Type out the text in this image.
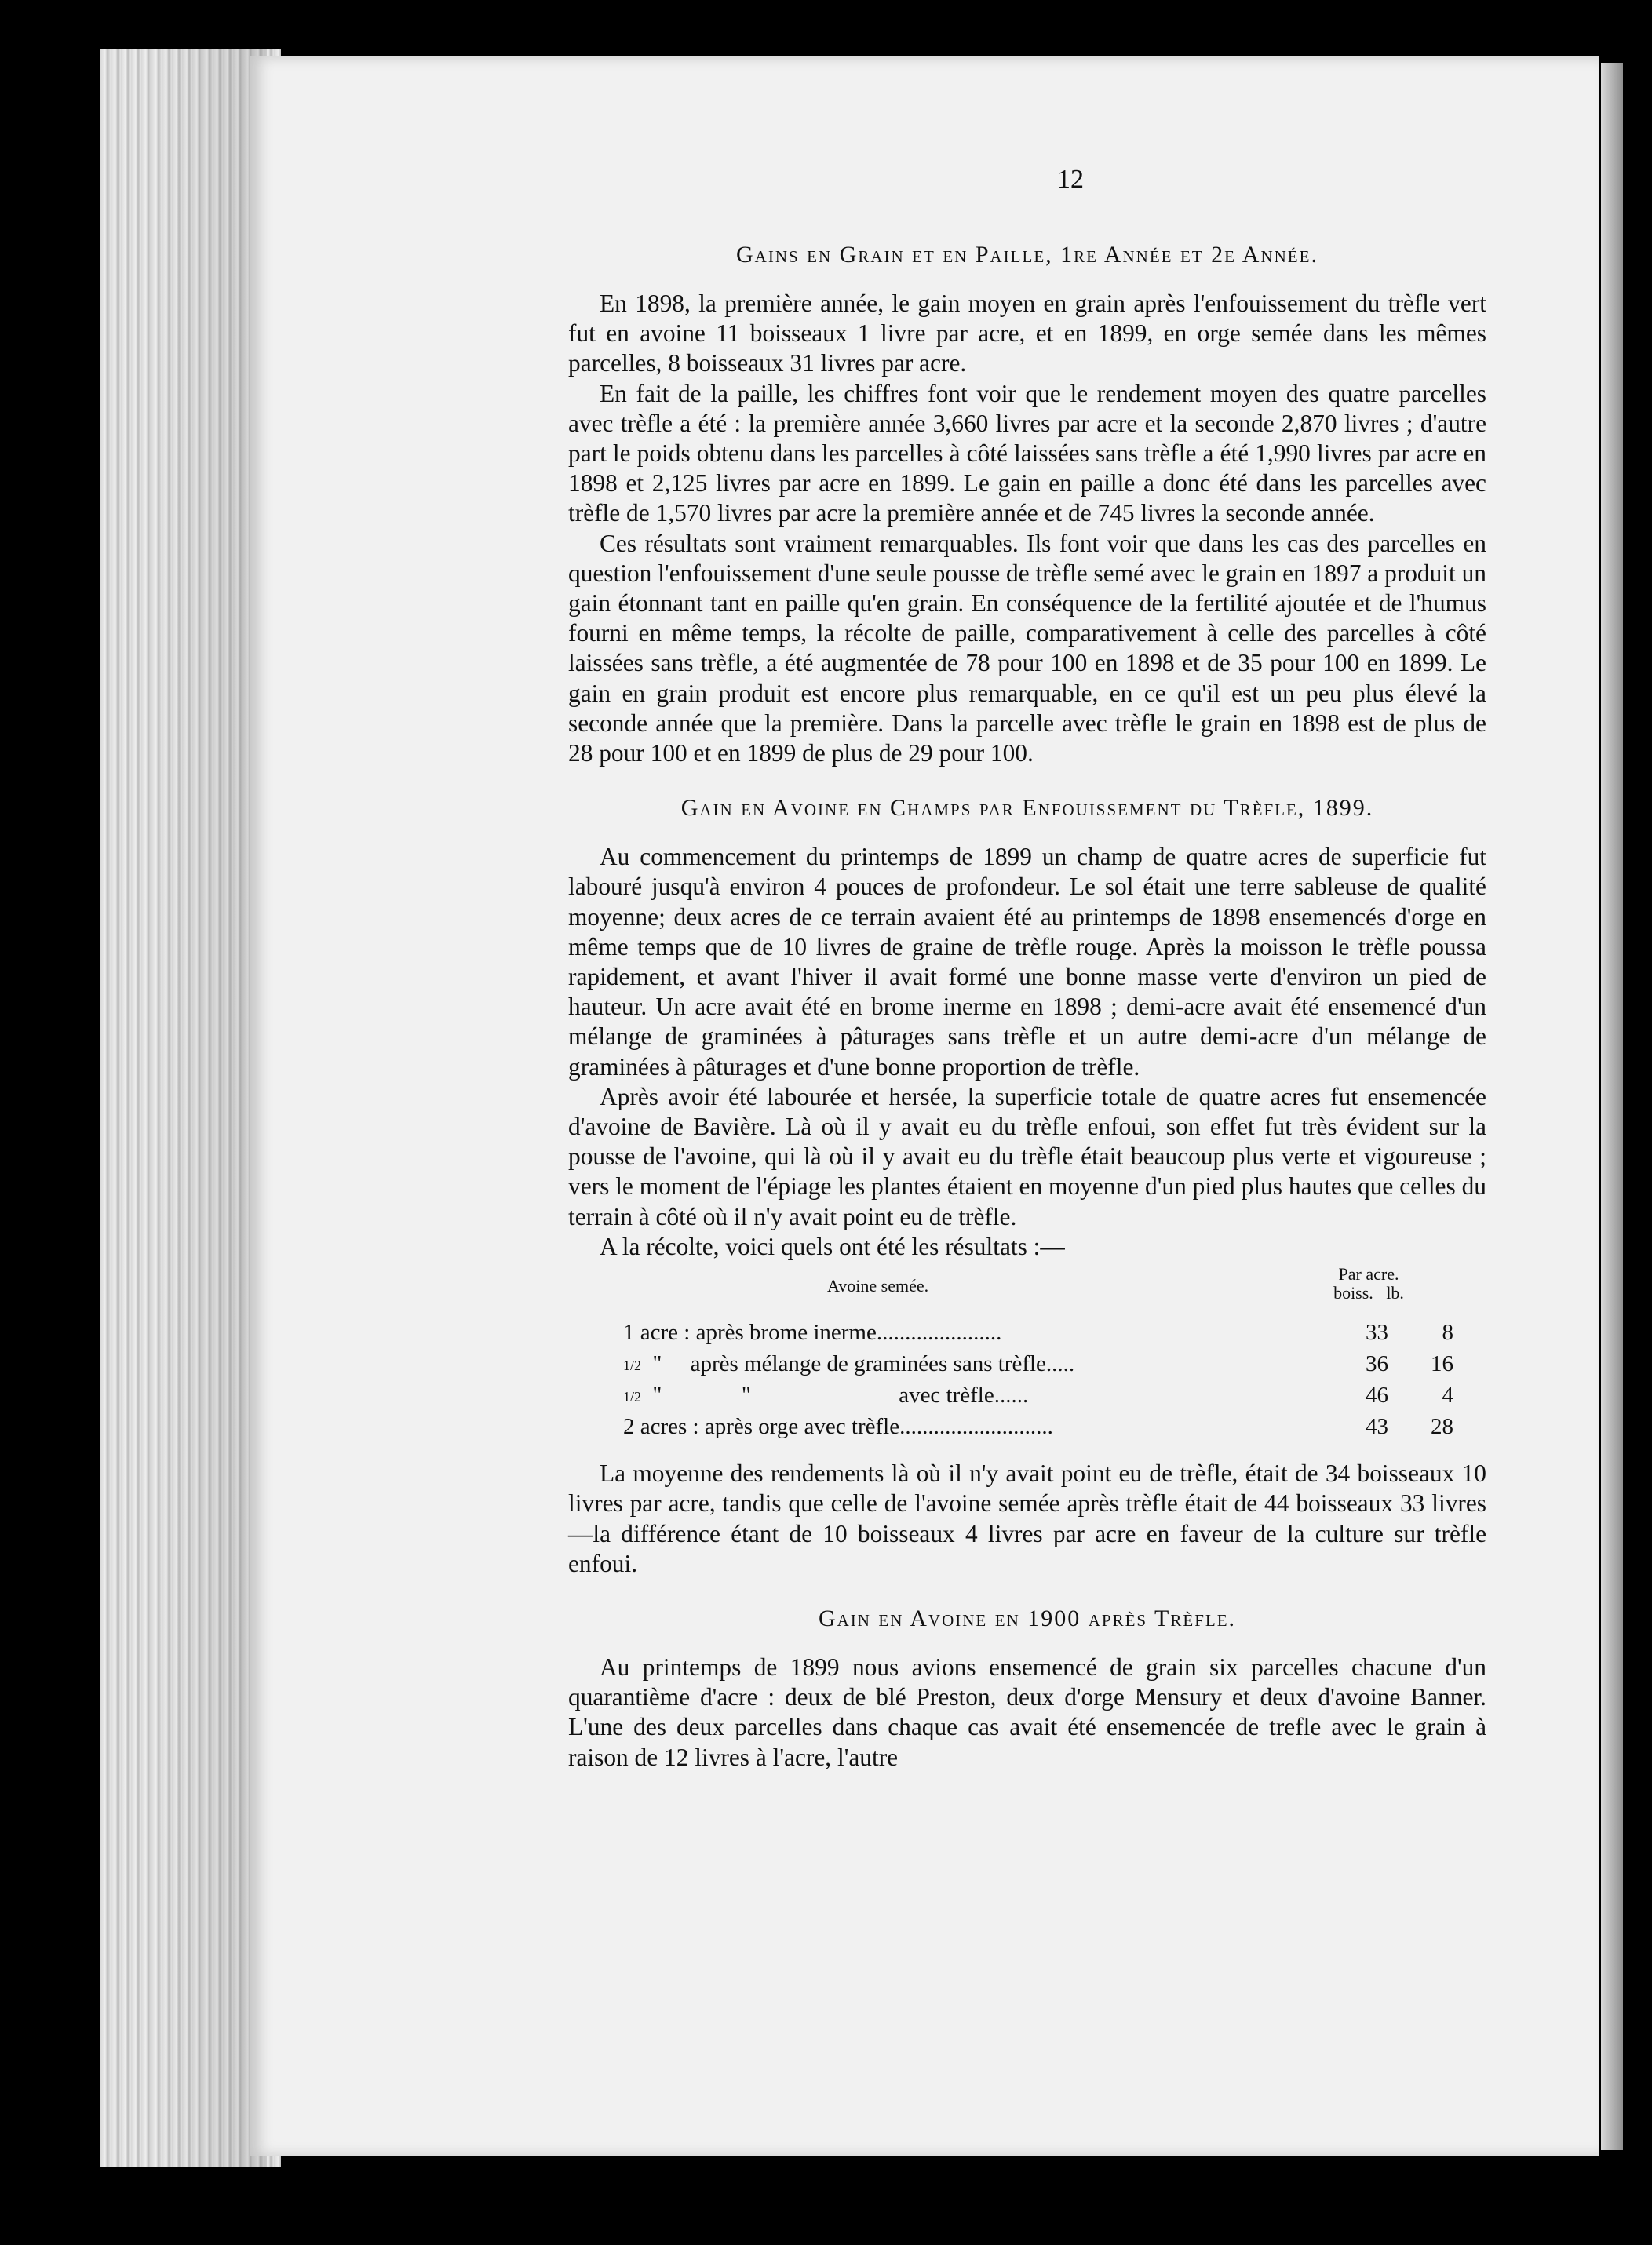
12
Gains en Grain et en Paille, 1re Année et 2e Année.

En 1898, la première année, le gain moyen en grain après l'enfouissement du trèfle vert fut en avoine 11 boisseaux 1 livre par acre, et en 1899, en orge semée dans les mêmes parcelles, 8 boisseaux 31 livres par acre.

En fait de la paille, les chiffres font voir que le rendement moyen des quatre parcelles avec trèfle a été : la première année 3,660 livres par acre et la seconde 2,870 livres ; d'autre part le poids obtenu dans les parcelles à côté laissées sans trèfle a été 1,990 livres par acre en 1898 et 2,125 livres par acre en 1899. Le gain en paille a donc été dans les parcelles avec trèfle de 1,570 livres par acre la première année et de 745 livres la seconde année.

Ces résultats sont vraiment remarquables. Ils font voir que dans les cas des parcelles en question l'enfouissement d'une seule pousse de trèfle semé avec le grain en 1897 a produit un gain étonnant tant en paille qu'en grain. En conséquence de la fertilité ajoutée et de l'humus fourni en même temps, la récolte de paille, comparativement à celle des parcelles à côté laissées sans trèfle, a été augmentée de 78 pour 100 en 1898 et de 35 pour 100 en 1899. Le gain en grain produit est encore plus remarquable, en ce qu'il est un peu plus élevé la seconde année que la première. Dans la parcelle avec trèfle le grain en 1898 est de plus de 28 pour 100 et en 1899 de plus de 29 pour 100.

Gain en Avoine en Champs par Enfouissement du Trèfle, 1899.

Au commencement du printemps de 1899 un champ de quatre acres de superficie fut labouré jusqu'à environ 4 pouces de profondeur. Le sol était une terre sableuse de qualité moyenne; deux acres de ce terrain avaient été au printemps de 1898 ensemencés d'orge en même temps que de 10 livres de graine de trèfle rouge. Après la moisson le trèfle poussa rapidement, et avant l'hiver il avait formé une bonne masse verte d'environ un pied de hauteur. Un acre avait été en brome inerme en 1898 ; demi-acre avait été ensemencé d'un mélange de graminées à pâturages sans trèfle et un autre demi-acre d'un mélange de graminées à pâturages et d'une bonne proportion de trèfle.

Après avoir été labourée et hersée, la superficie totale de quatre acres fut ensemencée d'avoine de Bavière. Là où il y avait eu du trèfle enfoui, son effet fut très évident sur la pousse de l'avoine, qui là où il y avait eu du trèfle était beaucoup plus verte et vigoureuse ; vers le moment de l'épiage les plantes étaient en moyenne d'un pied plus hautes que celles du terrain à côté où il n'y avait point eu de trèfle.

A la récolte, voici quels ont été les résultats :—

Avoine semée.
Par acre.
boiss. lb.
1 acre : après brome inerme......................	33	8
1/2  "     après mélange de graminées sans trèfle.....	36	16
1/2  "              "                          avec trèfle......	46	4
2 acres : après orge avec trèfle...........................	43	28

La moyenne des rendements là où il n'y avait point eu de trèfle, était de 34 boisseaux 10 livres par acre, tandis que celle de l'avoine semée après trèfle était de 44 boisseaux 33 livres—la différence étant de 10 boisseaux 4 livres par acre en faveur de la culture sur trèfle enfoui.

Gain en Avoine en 1900 après Trèfle.

Au printemps de 1899 nous avions ensemencé de grain six parcelles chacune d'un quarantième d'acre : deux de blé Preston, deux d'orge Mensury et deux d'avoine Banner. L'une des deux parcelles dans chaque cas avait été ensemencée de trefle avec le grain à raison de 12 livres à l'acre, l'autre
